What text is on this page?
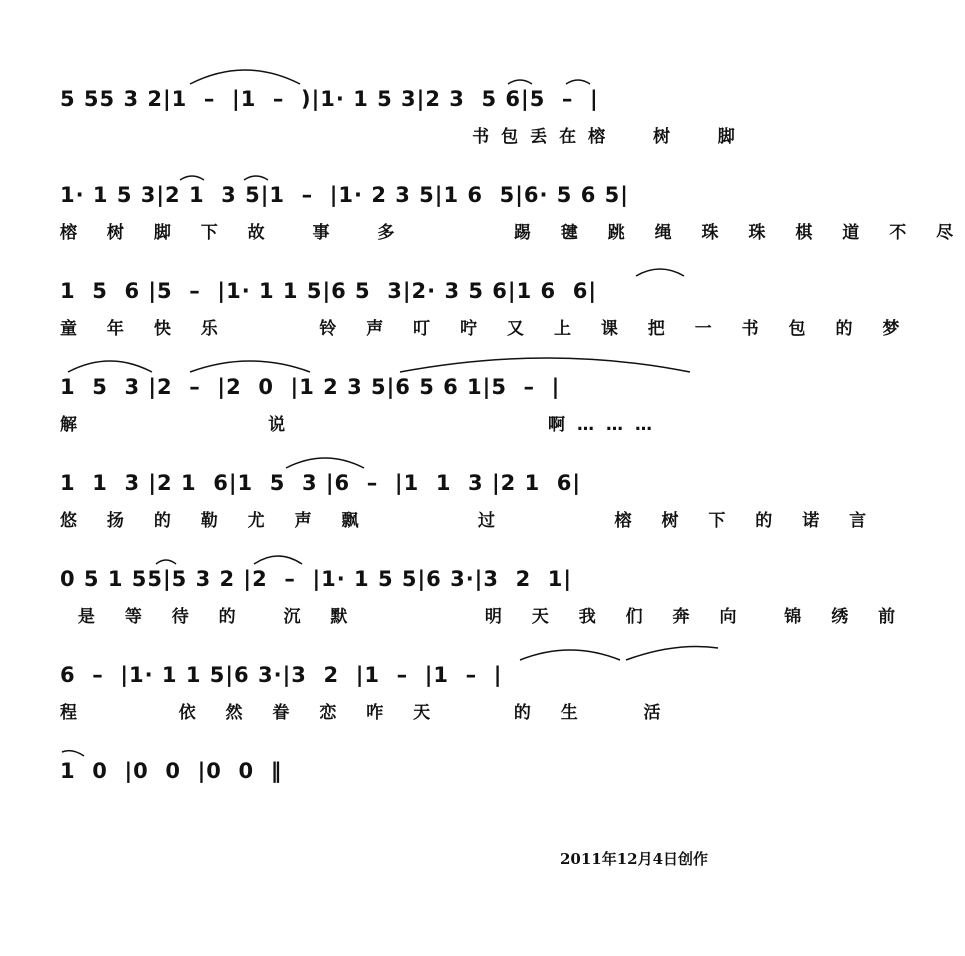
5 55 3 2|1  –  |1  –  )|1· 1 5 3|2 3  5 6|5  –  |
书包丢在榕  树  脚
1· 1 5 3|2 1  3 5|1  –  |1· 2 3 5|1 6  5|6· 5 6 5|
榕 树 脚 下 故  事  多      踢 毽 跳 绳 珠 珠 棋 道 不 尽
1  5  6 |5  –  |1· 1 1 5|6 5  3|2· 3 5 6|1 6  6|
童 年 快 乐     铃 声 叮 咛 又 上 课 把 一 书 包 的 梦
1  5  3 |2  –  |2  0  |1 2 3 5|6 5 6 1|5  –  |
解          说              啊………
1  1  3 |2 1  6|1  5  3 |6  –  |1  1  3 |2 1  6|
悠 扬 的 勒 尤 声 飘      过      榕 树 下 的 诺 言
0 5 1 55|5 3 2 |2  –  |1· 1 5 5|6 3·|3  2  1|
是 等 待 的  沉 默       明 天 我 们 奔 向  锦 绣 前
6  –  |1· 1 1 5|6 3·|3  2  |1  –  |1  –  |
程     依 然 眷 恋 咋 天    的 生   活
1  0  |0  0  |0  0  ‖
2011年12月4日创作
